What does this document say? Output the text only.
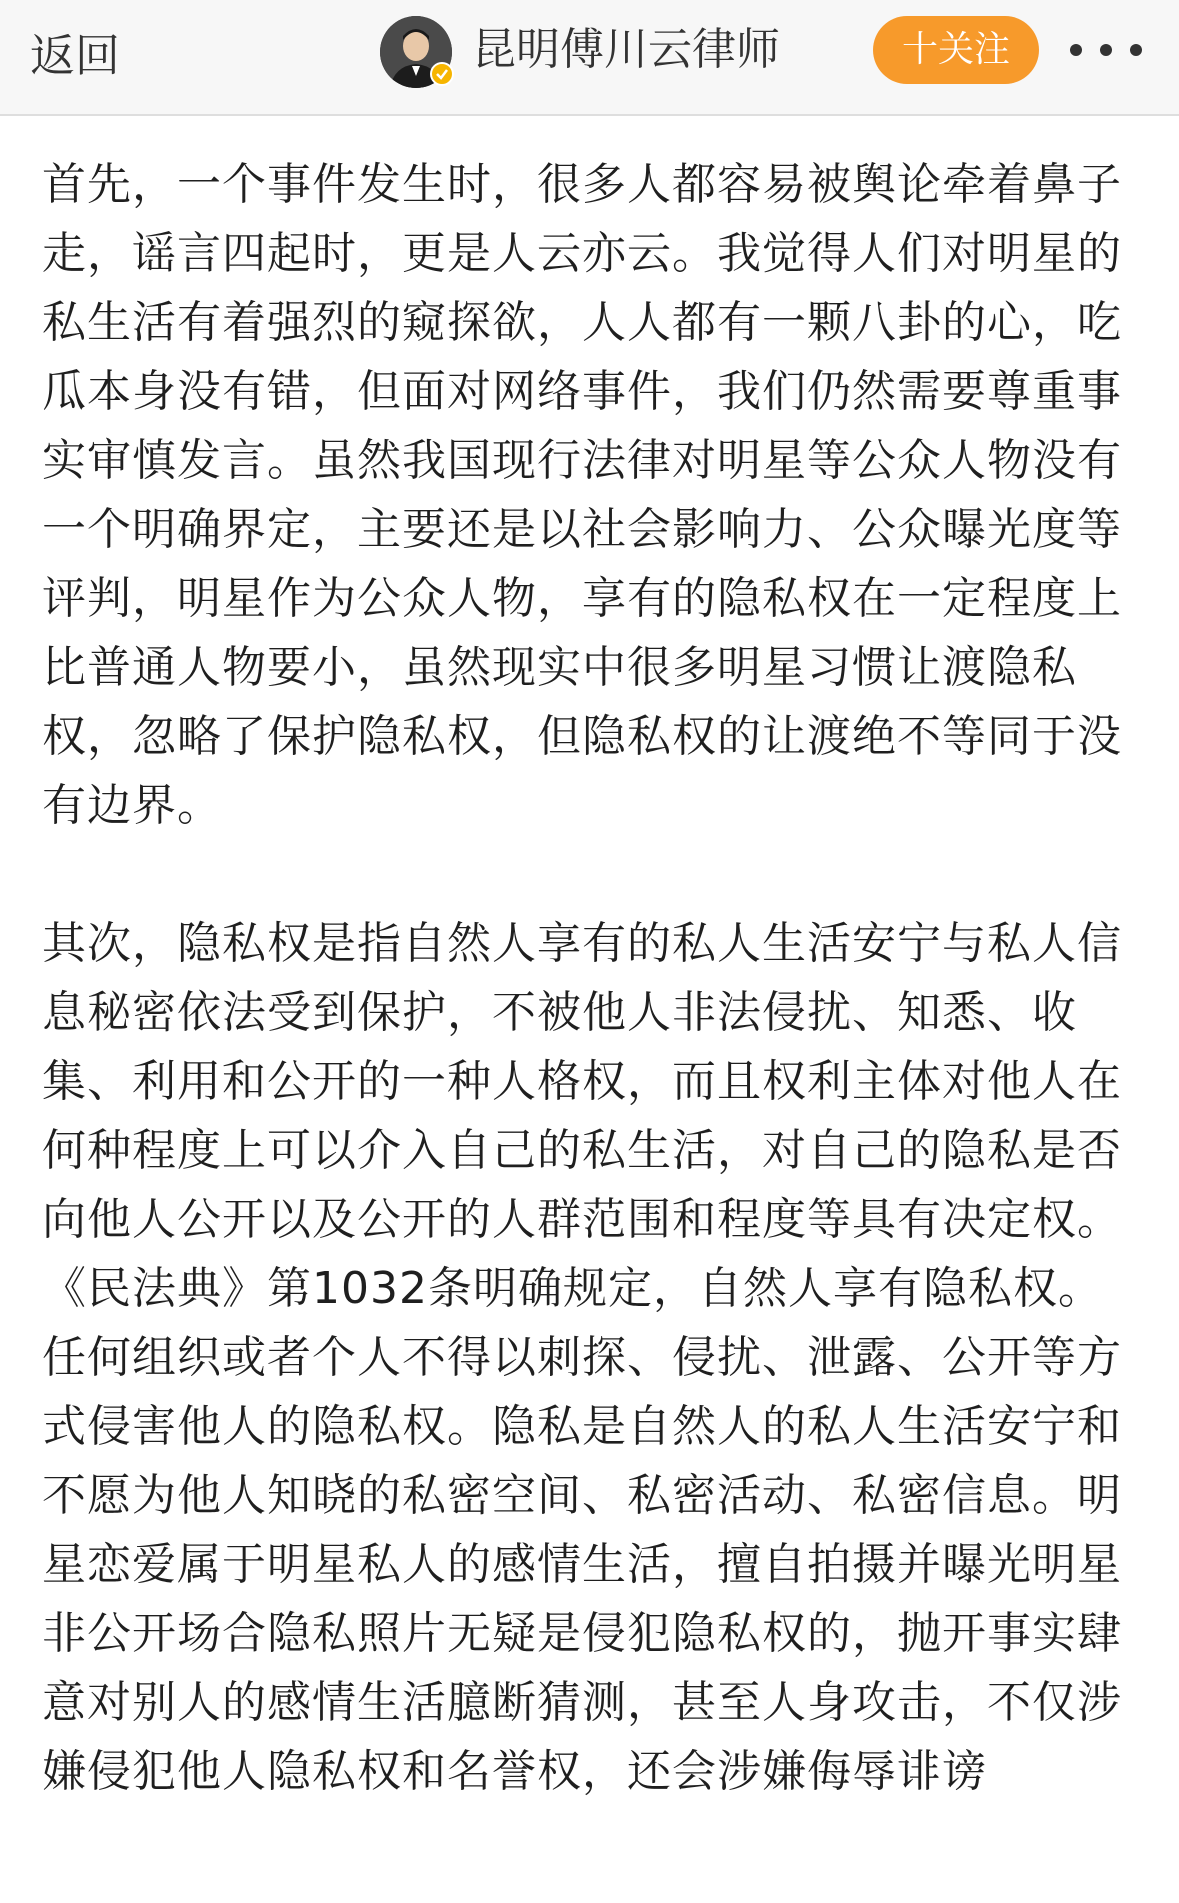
返回	昆明傅川云律师	十关注

首先，一个事件发生时，很多人都容易被舆论牵着鼻子走，谣言四起时，更是人云亦云。我觉得人们对明星的私生活有着强烈的窥探欲，人人都有一颗八卦的心，吃瓜本身没有错，但面对网络事件，我们仍然需要尊重事实审慎发言。虽然我国现行法律对明星等公众人物没有一个明确界定，主要还是以社会影响力、公众曝光度等评判，明星作为公众人物，享有的隐私权在一定程度上比普通人物要小，虽然现实中很多明星习惯让渡隐私权，忽略了保护隐私权，但隐私权的让渡绝不等同于没有边界。

其次，隐私权是指自然人享有的私人生活安宁与私人信息秘密依法受到保护，不被他人非法侵扰、知悉、收集、利用和公开的一种人格权，而且权利主体对他人在何种程度上可以介入自己的私生活，对自己的隐私是否向他人公开以及公开的人群范围和程度等具有决定权。《民法典》第1032条明确规定，自然人享有隐私权。任何组织或者个人不得以刺探、侵扰、泄露、公开等方式侵害他人的隐私权。隐私是自然人的私人生活安宁和不愿为他人知晓的私密空间、私密活动、私密信息。明星恋爱属于明星私人的感情生活，擅自拍摄并曝光明星非公开场合隐私照片无疑是侵犯隐私权的，抛开事实肆意对别人的感情生活臆断猜测，甚至人身攻击，不仅涉嫌侵犯他人隐私权和名誉权，还会涉嫌侮辱诽谤
